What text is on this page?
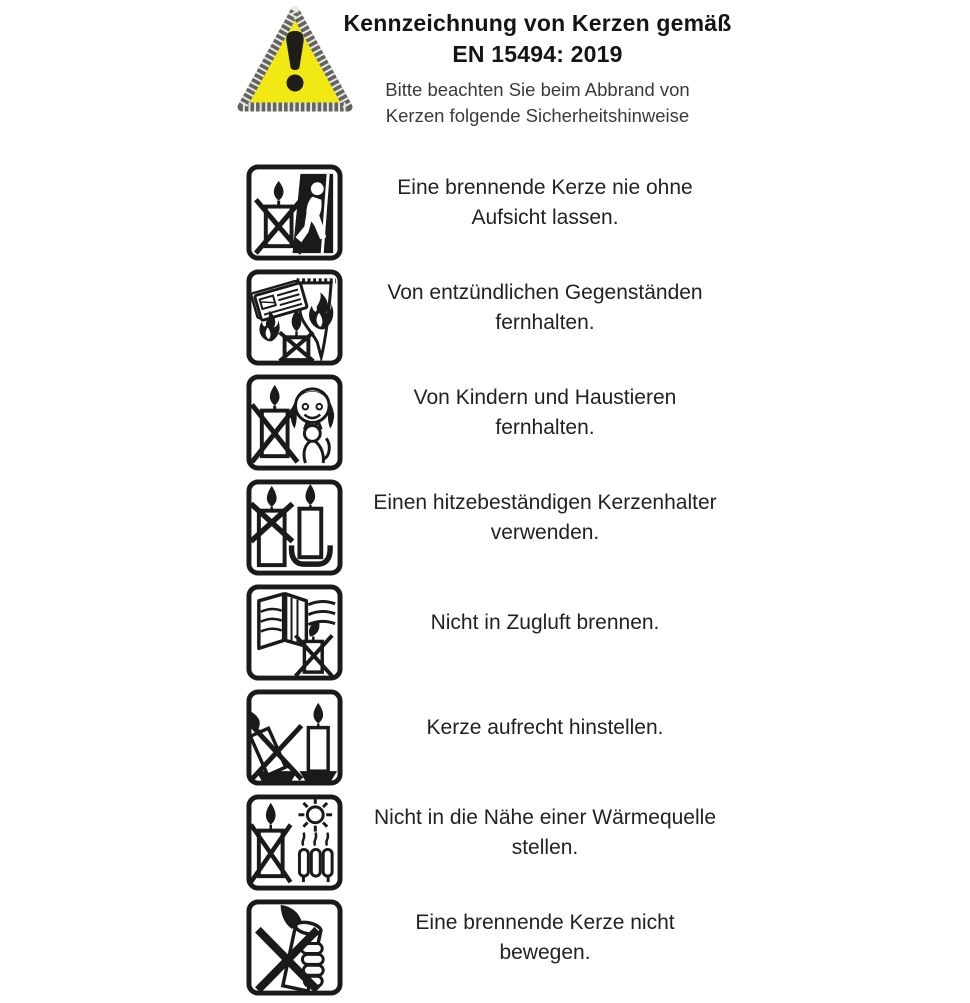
Kennzeichnung von Kerzen gemäß
EN 15494: 2019
Bitte beachten Sie beim Abbrand von
Kerzen folgende Sicherheitshinweise
Eine brennende Kerze nie ohne
Aufsicht lassen.
Von entzündlichen Gegenständen
fernhalten.
Von Kindern und Haustieren
fernhalten.
Einen hitzebeständigen Kerzenhalter
verwenden.
Nicht in Zugluft brennen.
Kerze aufrecht hinstellen.
Nicht in die Nähe einer Wärmequelle
stellen.
Eine brennende Kerze nicht
bewegen.
